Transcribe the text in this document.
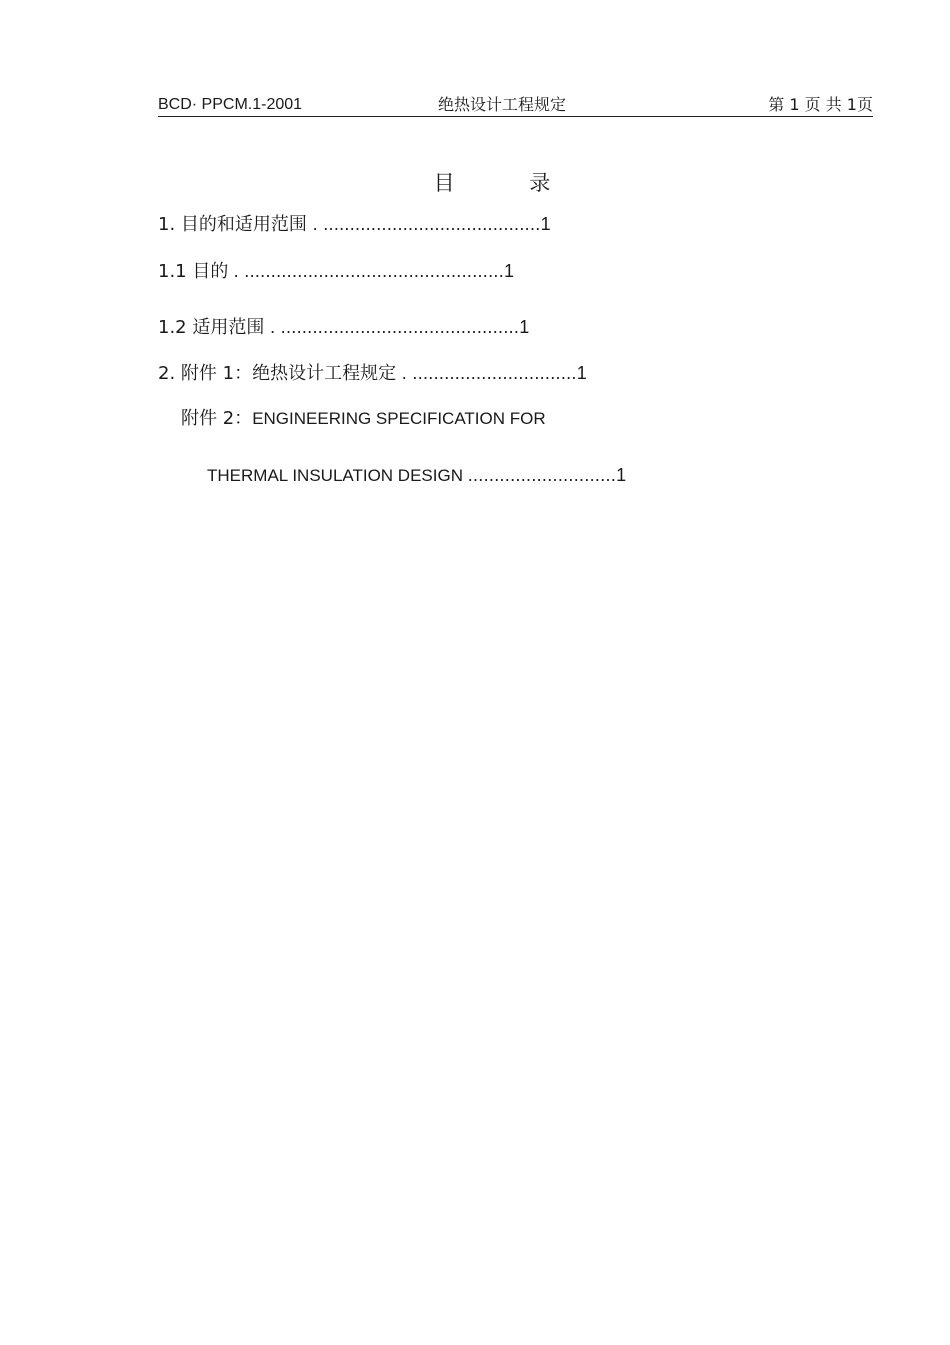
BCD· PPCM.1-2001	绝热设计工程规定	第 1 页 共 1页
目 录
1. 目的和适用范围 . .........................................1
1.1 目的 . .................................................1
1.2 适用范围 . .............................................1
2. 附件 1：绝热设计工程规定 . ...............................1
附件 2：ENGINEERING SPECIFICATION FOR
THERMAL INSULATION DESIGN ............................1
